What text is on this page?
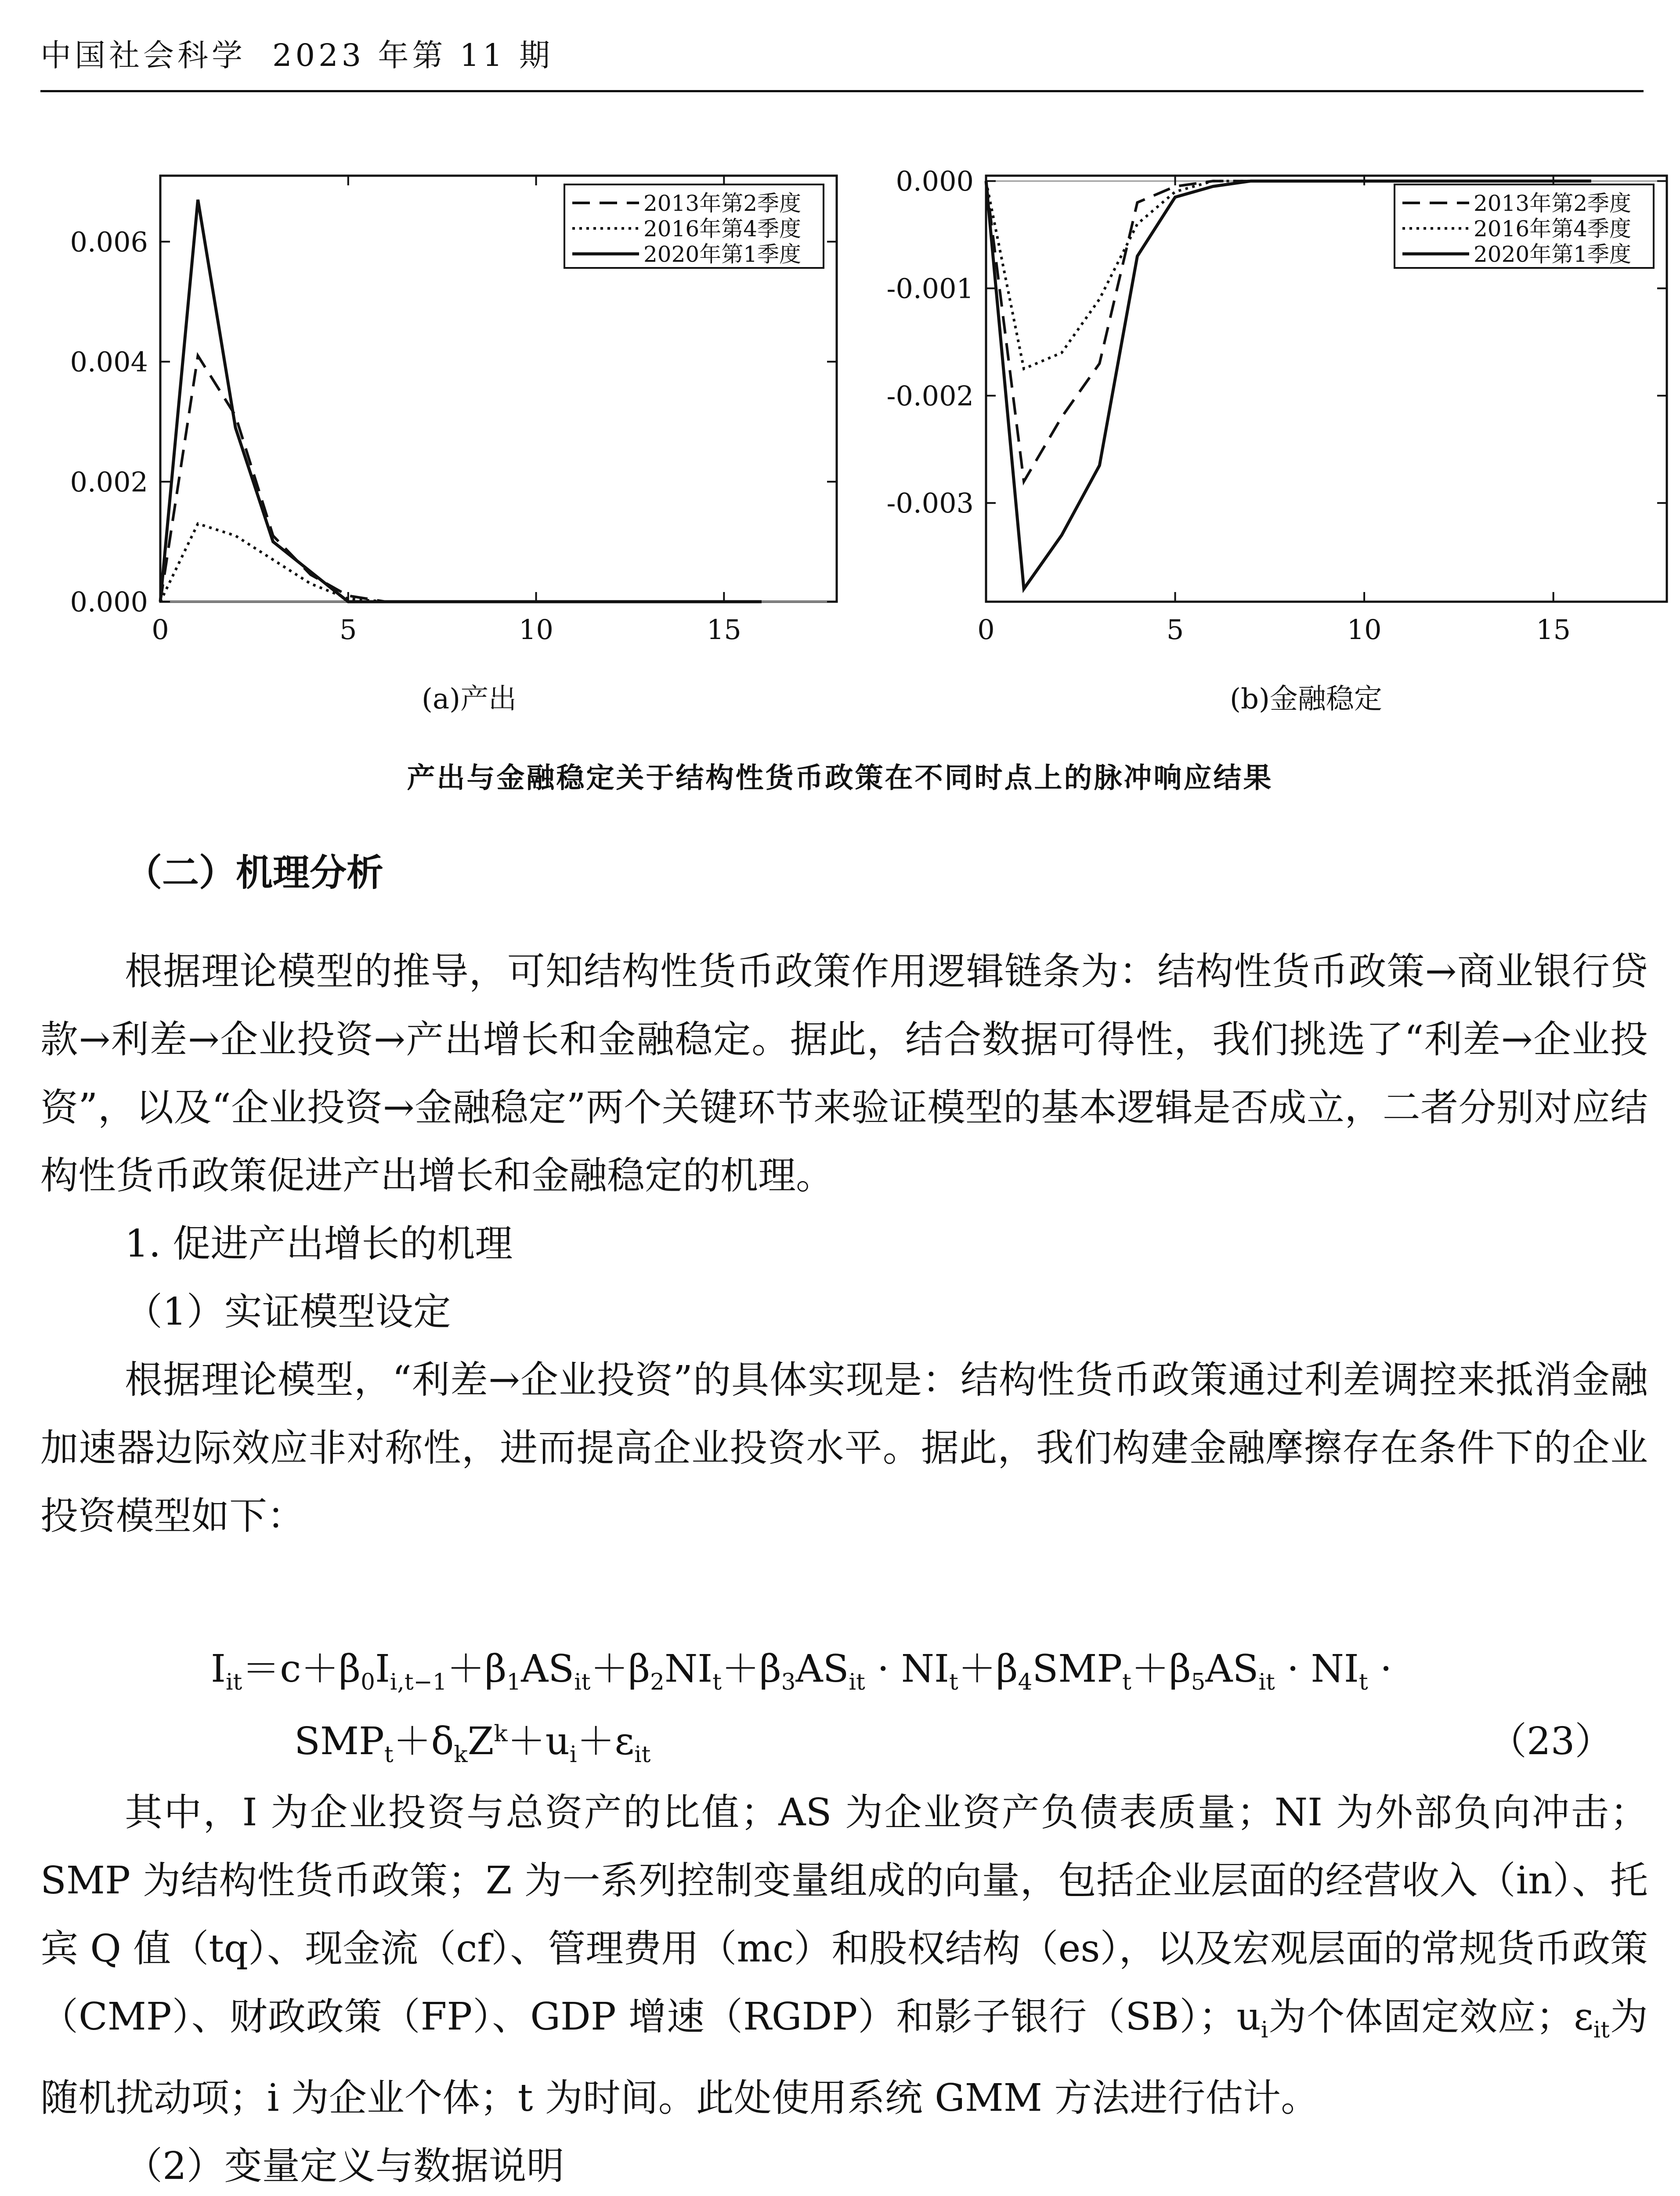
中国社会科学 2023 年第 11 期
0.000
0.002
0.004
0.006
0	5	10	15
2013年第2季度
2016年第4季度
2020年第1季度
(a)产出
0.000
-0.001
-0.002
-0.003
0	5	10	15
2013年第2季度
2016年第4季度
2020年第1季度
(b)金融稳定
产出与金融稳定关于结构性货币政策在不同时点上的脉冲响应结果
（二）机理分析

根据理论模型的推导，可知结构性货币政策作用逻辑链条为：结构性货币政策→商业银行贷款→利差→企业投资→产出增长和金融稳定。据此，结合数据可得性，我们挑选了“利差→企业投资”，以及“企业投资→金融稳定”两个关键环节来验证模型的基本逻辑是否成立，二者分别对应结构性货币政策促进产出增长和金融稳定的机理。

1. 促进产出增长的机理

（1）实证模型设定

根据理论模型，“利差→企业投资”的具体实现是：结构性货币政策通过利差调控来抵消金融加速器边际效应非对称性，进而提高企业投资水平。据此，我们构建金融摩擦存在条件下的企业投资模型如下：

$I_{it}=c+\beta_0I_{i,t-1}+\beta_1AS_{it}+\beta_2NI_t+\beta_3AS_{it} \cdot NI_t+\beta_4SMP_t+\beta_5AS_{it} \cdot NI_t$ ·
$SMP_t+\delta_kZ^k+u_i+\varepsilon_{it}$	（23）

其中，I 为企业投资与总资产的比值；AS 为企业资产负债表质量；NI 为外部负向冲击；SMP 为结构性货币政策；Z 为一系列控制变量组成的向量，包括企业层面的经营收入（in）、托宾 Q 值（tq）、现金流（cf）、管理费用（mc）和股权结构（es），以及宏观层面的常规货币政策（CMP）、财政政策（FP）、GDP 增速（RGDP）和影子银行（SB）；$u_i$为个体固定效应；$\varepsilon_{it}$为随机扰动项；i 为企业个体；t 为时间。此处使用系统 GMM 方法进行估计。

（2）变量定义与数据说明
